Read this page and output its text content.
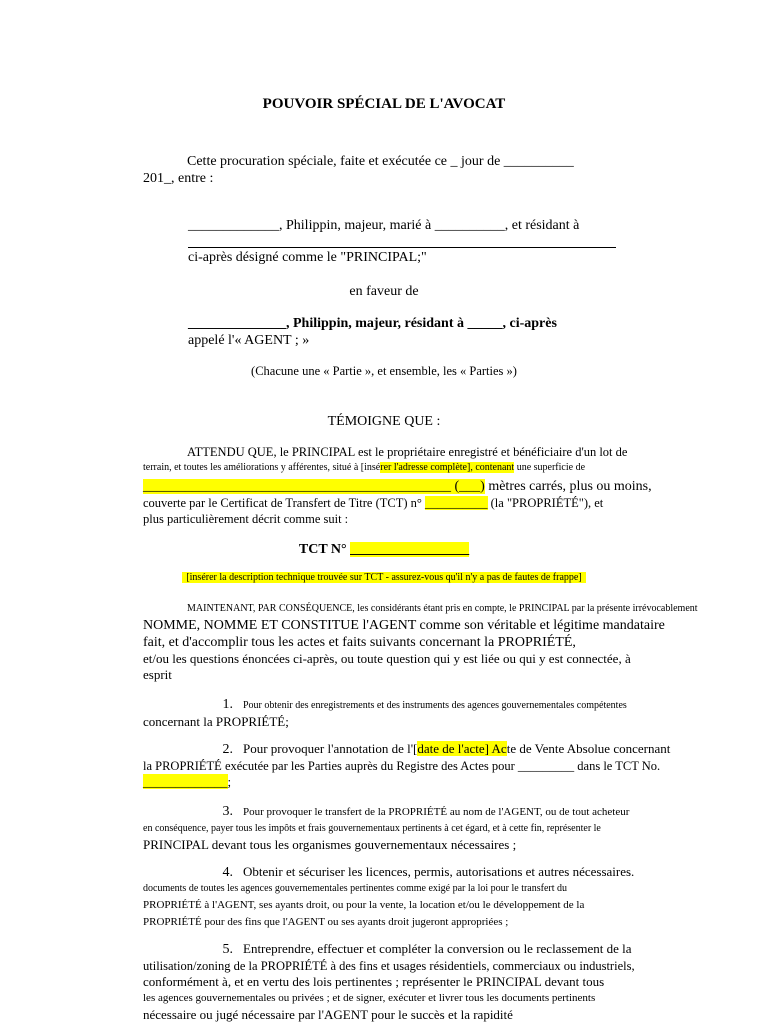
POUVOIR SPÉCIAL DE L'AVOCAT
Cette procuration spéciale, faite et exécutée ce _ jour de __________
201_, entre :
_____________, Philippin, majeur, marié à __________, et résidant à
ci-après désigné comme le "PRINCIPAL;"
en faveur de
______________, Philippin, majeur, résidant à _____, ci-après
appelé l'« AGENT ; »
(Chacune une « Partie », et ensemble, les « Parties »)
TÉMOIGNE QUE :
ATTENDU QUE, le PRINCIPAL est le propriétaire enregistré et bénéficiaire d'un lot de
terrain, et toutes les améliorations y afférentes, situé à [insérer l'adresse complète], contenant une superficie de
____________________________________________ (___) mètres carrés, plus ou moins,
couverte par le Certificat de Transfert de Titre (TCT) n° __________ (la "PROPRIÉTÉ"), et
plus particulièrement décrit comme suit :
TCT N° _________________
[insérer la description technique trouvée sur TCT - assurez-vous qu'il n'y a pas de fautes de frappe]
MAINTENANT, PAR CONSÉQUENCE, les considérants étant pris en compte, le PRINCIPAL par la présente irrévocablement
NOMME, NOMME ET CONSTITUE l'AGENT comme son véritable et légitime mandataire
fait, et d'accomplir tous les actes et faits suivants concernant la PROPRIÉTÉ,
et/ou les questions énoncées ci-après, ou toute question qui y est liée ou qui y est connectée, à
esprit
1. Pour obtenir des enregistrements et des instruments des agences gouvernementales compétentes
concernant la PROPRIÉTÉ;
2. Pour provoquer l'annotation de l'[date de l'acte] Acte de Vente Absolue concernant
la PROPRIÉTÉ exécutée par les Parties auprès du Registre des Actes pour _________ dans le TCT No.
_____________;
3. Pour provoquer le transfert de la PROPRIÉTÉ au nom de l'AGENT, ou de tout acheteur
en conséquence, payer tous les impôts et frais gouvernementaux pertinents à cet égard, et à cette fin, représenter le
PRINCIPAL devant tous les organismes gouvernementaux nécessaires ;
4. Obtenir et sécuriser les licences, permis, autorisations et autres nécessaires.
documents de toutes les agences gouvernementales pertinentes comme exigé par la loi pour le transfert du
PROPRIÉTÉ à l'AGENT, ses ayants droit, ou pour la vente, la location et/ou le développement de la
PROPRIÉTÉ pour des fins que l'AGENT ou ses ayants droit jugeront appropriées ;
5. Entreprendre, effectuer et compléter la conversion ou le reclassement de la
utilisation/zoning de la PROPRIÉTÉ à des fins et usages résidentiels, commerciaux ou industriels,
conformément à, et en vertu des lois pertinentes ; représenter le PRINCIPAL devant tous
les agences gouvernementales ou privées ; et de signer, exécuter et livrer tous les documents pertinents
nécessaire ou jugé nécessaire par l'AGENT pour le succès et la rapidité
